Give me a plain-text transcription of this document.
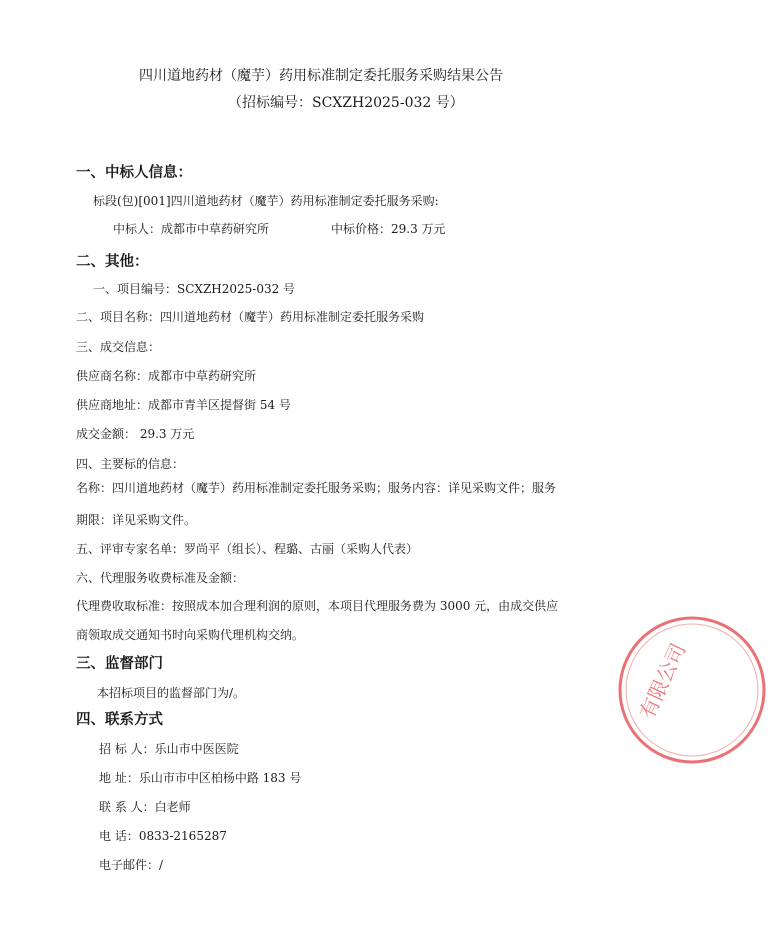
四川道地药材（魔芋）药用标准制定委托服务采购结果公告
（招标编号：SCXZH2025-032 号）
一、中标人信息：
标段(包)[001]四川道地药材（魔芋）药用标准制定委托服务采购:
中标人：成都市中草药研究所	中标价格：29.3 万元
二、其他：
一、项目编号：SCXZH2025-032 号
二、项目名称：四川道地药材（魔芋）药用标准制定委托服务采购
三、成交信息：
供应商名称：成都市中草药研究所
供应商地址：成都市青羊区提督街 54 号
成交金额： 29.3 万元
四、主要标的信息：
名称：四川道地药材（魔芋）药用标准制定委托服务采购；服务内容：详见采购文件；服务
期限：详见采购文件。
五、评审专家名单：罗尚平（组长）、程璐、古丽（采购人代表）
六、代理服务收费标准及金额：
代理费收取标准：按照成本加合理利润的原则，本项目代理服务费为 3000 元，由成交供应
商领取成交通知书时向采购代理机构交纳。
三、监督部门
本招标项目的监督部门为/。
四、联系方式
招 标 人：乐山市中医医院
地 址：乐山市市中区柏杨中路 183 号
联 系 人：白老师
电 话：0833-2165287
电子邮件：/
有限公司
